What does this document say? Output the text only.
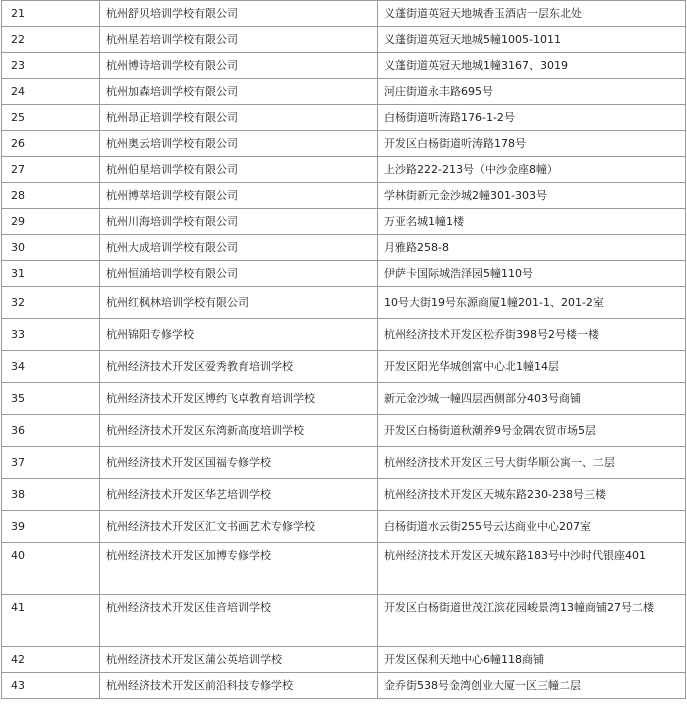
21	杭州舒贝培训学校有限公司	义蓬街道英冠天地城香玉酒店一层东北处
22	杭州星若培训学校有限公司	义蓬街道英冠天地城5幢1005-1011
23	杭州博诗培训学校有限公司	义蓬街道英冠天地城1幢3167、3019
24	杭州加森培训学校有限公司	河庄街道永丰路695号
25	杭州昂正培训学校有限公司	白杨街道听涛路176-1-2号
26	杭州奥云培训学校有限公司	开发区白杨街道听涛路178号
27	杭州伯星培训学校有限公司	上沙路222-213号（中沙金座8幢）
28	杭州博萃培训学校有限公司	学林街新元金沙城2幢301-303号
29	杭州川海培训学校有限公司	万亚名城1幢1楼
30	杭州大成培训学校有限公司	月雅路258-8
31	杭州恒涌培训学校有限公司	伊萨卡国际城浩泽园5幢110号
32	杭州红枫林培训学校有限公司	10号大街19号东源商厦1幢201-1、201-2室
33	杭州锦阳专修学校	杭州经济技术开发区松乔街398号2号楼一楼
34	杭州经济技术开发区爱秀教育培训学校	开发区阳光华城创富中心北1幢14层
35	杭州经济技术开发区博约飞卓教育培训学校	新元金沙城一幢四层西侧部分403号商铺
36	杭州经济技术开发区东湾新高度培训学校	开发区白杨街道秋潮养9号金隅农贸市场5层
37	杭州经济技术开发区国福专修学校	杭州经济技术开发区三号大街华顺公寓一、二层
38	杭州经济技术开发区华艺培训学校	杭州经济技术开发区天城东路230-238号三楼
39	杭州经济技术开发区汇文书画艺术专修学校	白杨街道水云街255号云达商业中心207室
40	杭州经济技术开发区加博专修学校	杭州经济技术开发区天城东路183号中沙时代银座401
41	杭州经济技术开发区佳音培训学校	开发区白杨街道世茂江滨花园峻景湾13幢商铺27号二楼
42	杭州经济技术开发区蒲公英培训学校	开发区保利天地中心6幢118商铺
43	杭州经济技术开发区前沿科技专修学校	金乔街538号金湾创业大厦一区三幢二层
